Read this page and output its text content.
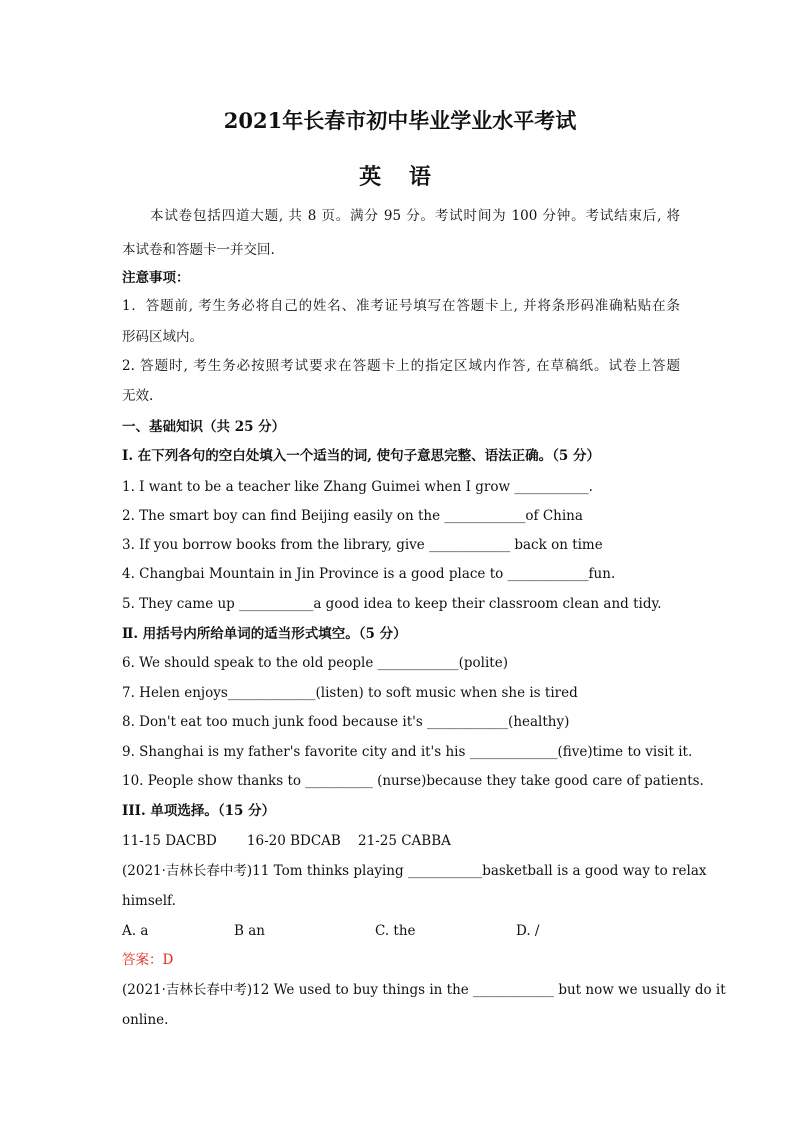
2021年长春市初中毕业学业水平考试
英 语
本试卷包括四道大题, 共 8 页。满分 95 分。考试时间为 100 分钟。考试结束后, 将
本试卷和答题卡一并交回.
注意事项：
1．答题前, 考生务必将自己的姓名、准考证号填写在答题卡上, 并将条形码准确粘贴在条
形码区域内。
2. 答题时, 考生务必按照考试要求在答题卡上的指定区域内作答, 在草稿纸。试卷上答题
无效.
一、基础知识（共 25 分）
I. 在下列各句的空白处填入一个适当的词, 使句子意思完整、语法正确。（5 分）
1. I want to be a teacher like Zhang Guimei when I grow ___________.
2. The smart boy can find Beijing easily on the ____________of China
3. If you borrow books from the library, give ____________ back on time
4. Changbai Mountain in Jin Province is a good place to ____________fun.
5. They came up ___________a good idea to keep their classroom clean and tidy.
Ⅱ. 用括号内所给单词的适当形式填空。（5 分）
6. We should speak to the old people ____________(polite)
7. Helen enjoys_____________(listen) to soft music when she is tired
8. Don't eat too much junk food because it's ____________(healthy)
9. Shanghai is my father's favorite city and it's his _____________(five)time to visit it.
10. People show thanks to __________ (nurse)because they take good care of patients.
III. 单项选择。（15 分）
11-15 DACBD       16-20 BDCAB    21-25 CABBA
(2021·吉林长春中考)11 Tom thinks playing ___________basketball is a good way to relax
himself.
A. a	B an	C. the	D. /
答案：D
(2021·吉林长春中考)12 We used to buy things in the ____________ but now we usually do it
online.
